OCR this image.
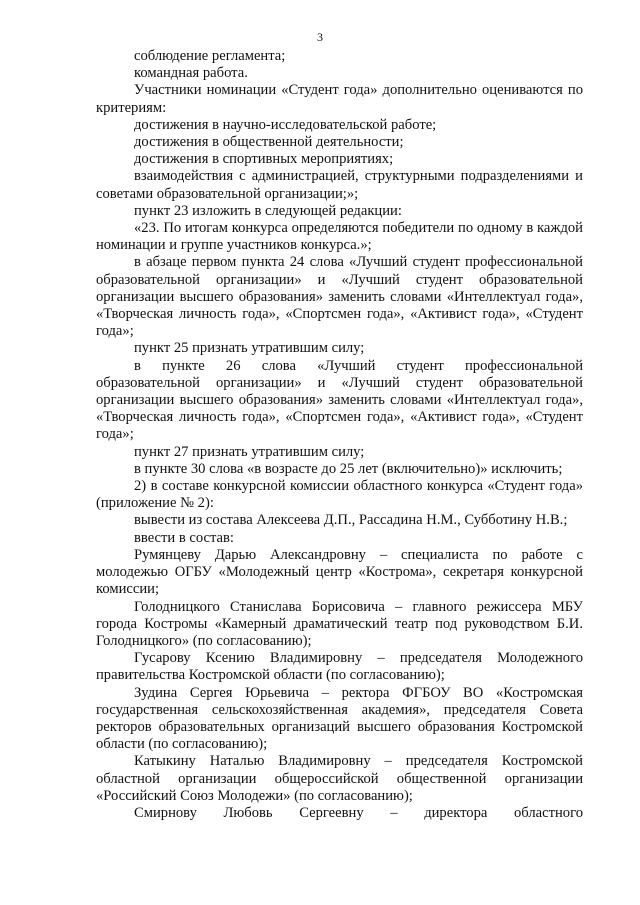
3

соблюдение регламента;

командная работа.

Участники номинации «Студент года» дополнительно оцениваются по критериям:

достижения в научно-исследовательской работе;

достижения в общественной деятельности;

достижения в спортивных мероприятиях;

взаимодействия с администрацией, структурными подразделениями и советами образовательной организации;»;

пункт 23 изложить в следующей редакции:

«23. По итогам конкурса определяются победители по одному в каждой номинации и группе участников конкурса.»;

в абзаце первом пункта 24 слова «Лучший студент профессиональной образовательной организации» и «Лучший студент образовательной организации высшего образования» заменить словами «Интеллектуал года», «Творческая личность года», «Спортсмен года», «Активист года», «Студент года»;

пункт 25 признать утратившим силу;

в пункте 26 слова «Лучший студент профессиональной образовательной организации» и «Лучший студент образовательной организации высшего образования» заменить словами «Интеллектуал года», «Творческая личность года», «Спортсмен года», «Активист года», «Студент года»;

пункт 27 признать утратившим силу;

в пункте 30 слова «в возрасте до 25 лет (включительно)» исключить;

2) в составе конкурсной комиссии областного конкурса «Студент года» (приложение № 2):

вывести из состава Алексеева Д.П., Рассадина Н.М., Субботину Н.В.;

ввести в состав:

Румянцеву Дарью Александровну – специалиста по работе с молодежью ОГБУ «Молодежный центр «Кострома», секретаря конкурсной комиссии;

Голодницкого Станислава Борисовича – главного режиссера МБУ города Костромы «Камерный драматический театр под руководством Б.И. Голодницкого» (по согласованию);

Гусарову Ксению Владимировну – председателя Молодежного правительства Костромской области (по согласованию);

Зудина Сергея Юрьевича – ректора ФГБОУ ВО «Костромская государственная сельскохозяйственная академия», председателя Совета ректоров образовательных организаций высшего образования Костромской области (по согласованию);

Катыкину Наталью Владимировну – председателя Костромской областной организации общероссийской общественной организации «Российский Союз Молодежи» (по согласованию);

Смирнову Любовь Сергеевну – директора областного
